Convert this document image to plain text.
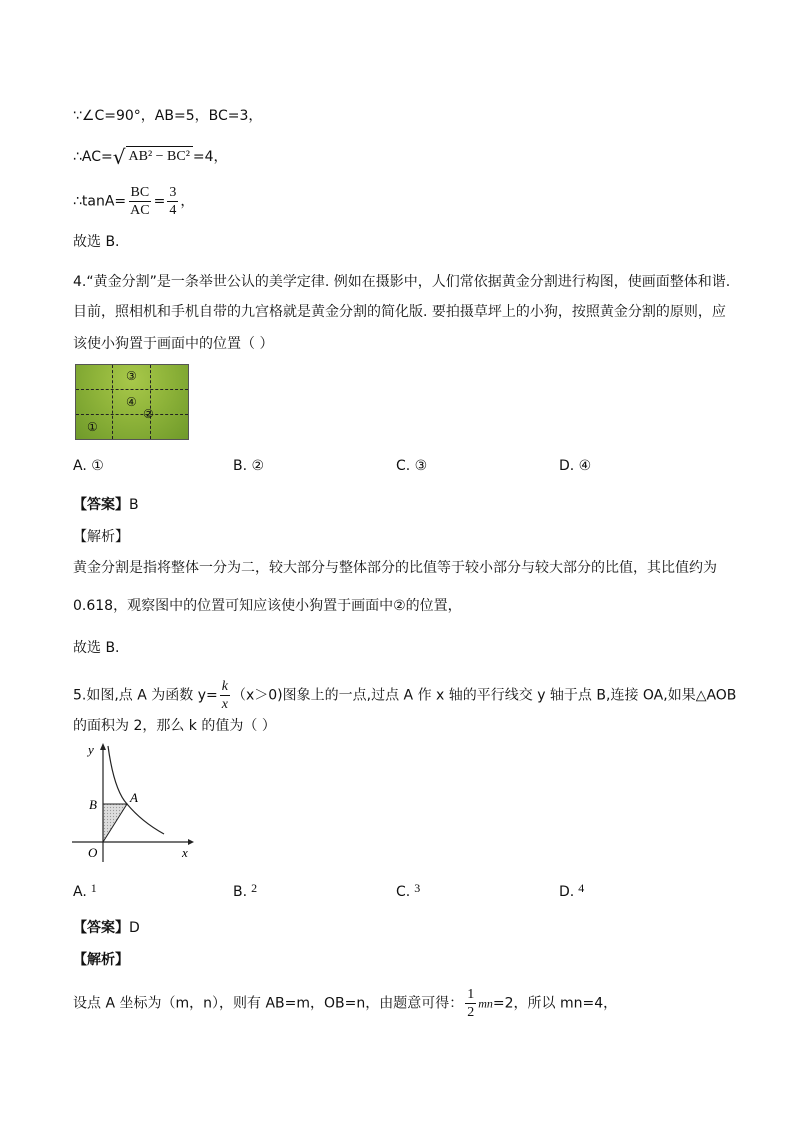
∵∠C=90°，AB=5，BC=3，
∴AC= √ AB² − BC² =4，
∴tanA= $\frac{BC}{AC} = \frac{3}{4}$ ，
故选 B.
4.“黄金分割”是一条举世公认的美学定律. 例如在摄影中，人们常依据黄金分割进行构图，使画面整体和谐.
目前，照相机和手机自带的九宫格就是黄金分割的简化版. 要拍摄草坪上的小狗，按照黄金分割的原则，应
该使小狗置于画面中的位置（ ）
③
④
②
①
A. ①	B. ②	C. ③	D. ④
【答案】B
【解析】
黄金分割是指将整体一分为二，较大部分与整体部分的比值等于较小部分与较大部分的比值，其比值约为
0.618，观察图中的位置可知应该使小狗置于画面中②的位置，
故选 B.
5.如图,点 A 为函数 $y= \frac{k}{x} (x>0)$图象上的一点,过点 A 作 x 轴的平行线交 y 轴于点 B,连接 OA,如果△AOB
的面积为 2，那么 k 的值为（ ）
y
x
O
A
B
A. 1	B. 2	C. 3	D. 4
【答案】D
【解析】
设点 A 坐标为（m，n），则有 AB=m，OB=n，由题意可得： $\frac{1}{2} mn=2$，所以 mn=4，
